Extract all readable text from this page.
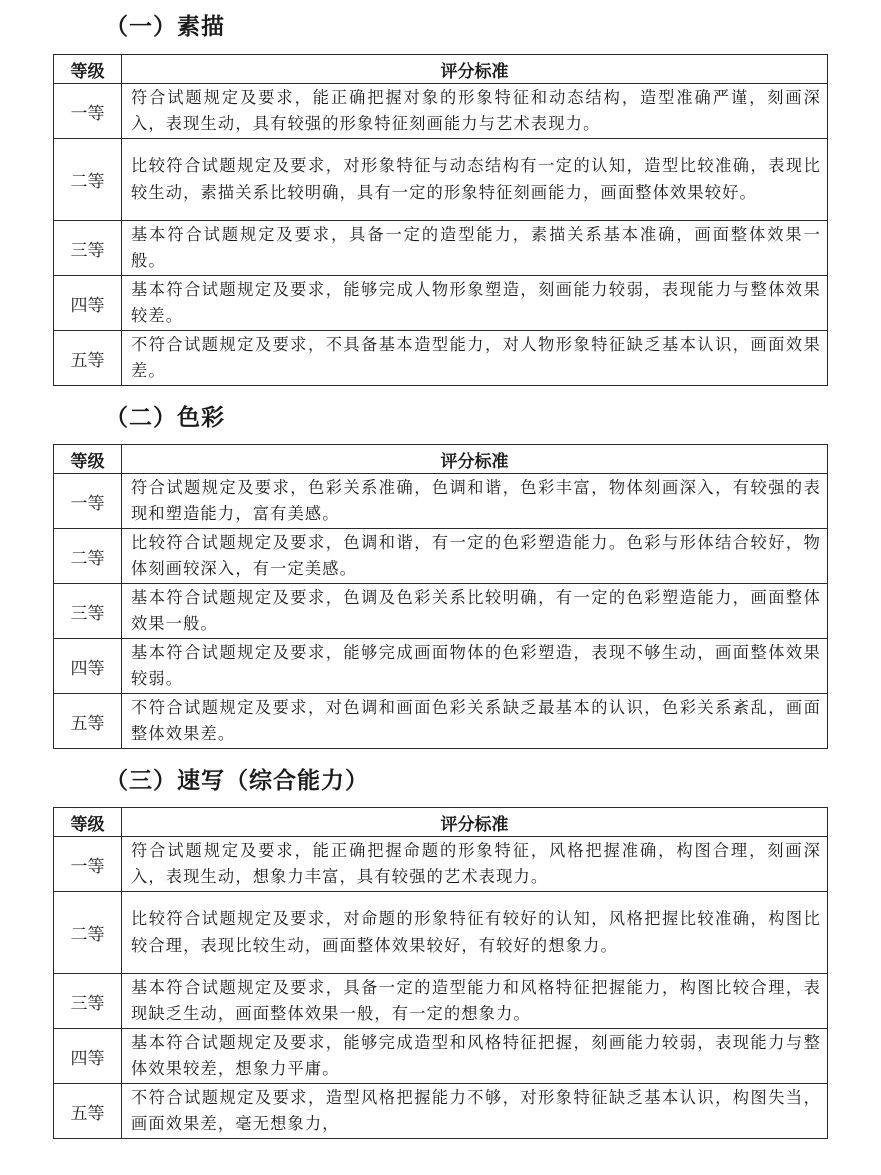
（一）素描
等级	评分标准
一等	符合试题规定及要求，能正确把握对象的形象特征和动态结构，造型准确严谨，刻画深入，表现生动，具有较强的形象特征刻画能力与艺术表现力。
二等	比较符合试题规定及要求，对形象特征与动态结构有一定的认知，造型比较准确，表现比较生动，素描关系比较明确，具有一定的形象特征刻画能力，画面整体效果较好。
三等	基本符合试题规定及要求，具备一定的造型能力，素描关系基本准确，画面整体效果一般。
四等	基本符合试题规定及要求，能够完成人物形象塑造，刻画能力较弱，表现能力与整体效果较差。
五等	不符合试题规定及要求，不具备基本造型能力，对人物形象特征缺乏基本认识，画面效果差。
（二）色彩
等级	评分标准
一等	符合试题规定及要求，色彩关系准确，色调和谐，色彩丰富，物体刻画深入，有较强的表现和塑造能力，富有美感。
二等	比较符合试题规定及要求，色调和谐，有一定的色彩塑造能力。色彩与形体结合较好，物体刻画较深入，有一定美感。
三等	基本符合试题规定及要求，色调及色彩关系比较明确，有一定的色彩塑造能力，画面整体效果一般。
四等	基本符合试题规定及要求，能够完成画面物体的色彩塑造，表现不够生动，画面整体效果较弱。
五等	不符合试题规定及要求，对色调和画面色彩关系缺乏最基本的认识，色彩关系紊乱，画面整体效果差。
（三）速写（综合能力）
等级	评分标准
一等	符合试题规定及要求，能正确把握命题的形象特征，风格把握准确，构图合理，刻画深入，表现生动，想象力丰富，具有较强的艺术表现力。
二等	比较符合试题规定及要求，对命题的形象特征有较好的认知，风格把握比较准确，构图比较合理，表现比较生动，画面整体效果较好，有较好的想象力。
三等	基本符合试题规定及要求，具备一定的造型能力和风格特征把握能力，构图比较合理，表现缺乏生动，画面整体效果一般，有一定的想象力。
四等	基本符合试题规定及要求，能够完成造型和风格特征把握，刻画能力较弱，表现能力与整体效果较差，想象力平庸。
五等	不符合试题规定及要求，造型风格把握能力不够，对形象特征缺乏基本认识，构图失当，画面效果差，毫无想象力，
